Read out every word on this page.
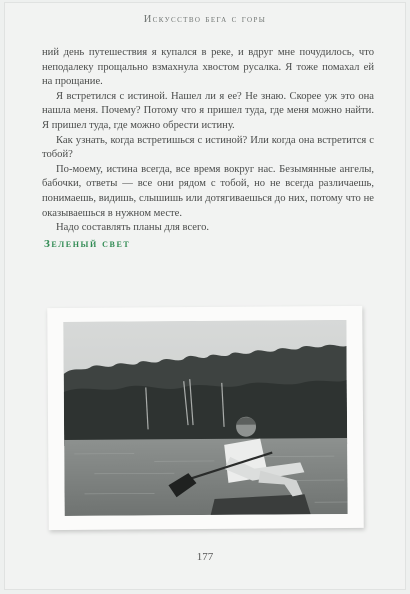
Искусство бега с горы

ний день путешествия я купался в реке, и вдруг мне почудилось, что неподалеку прощально взмахнула хвостом русалка. Я тоже помахал ей на прощание.

Я встретился с истиной. Нашел ли я ее? Не знаю. Скорее уж это она нашла меня. Почему? Потому что я пришел туда, где меня можно найти. Я пришел туда, где можно обрести истину.

Как узнать, когда встретишься с истиной? Или когда она встретится с тобой?

По-моему, истина всегда, все время вокруг нас. Безымянные ангелы, бабочки, ответы — все они рядом с тобой, но не всегда различаешь, понимаешь, видишь, слышишь или дотягиваешься до них, потому что не оказываешься в нужном месте.

Надо составлять планы для всего.

Зеленый свет
177
